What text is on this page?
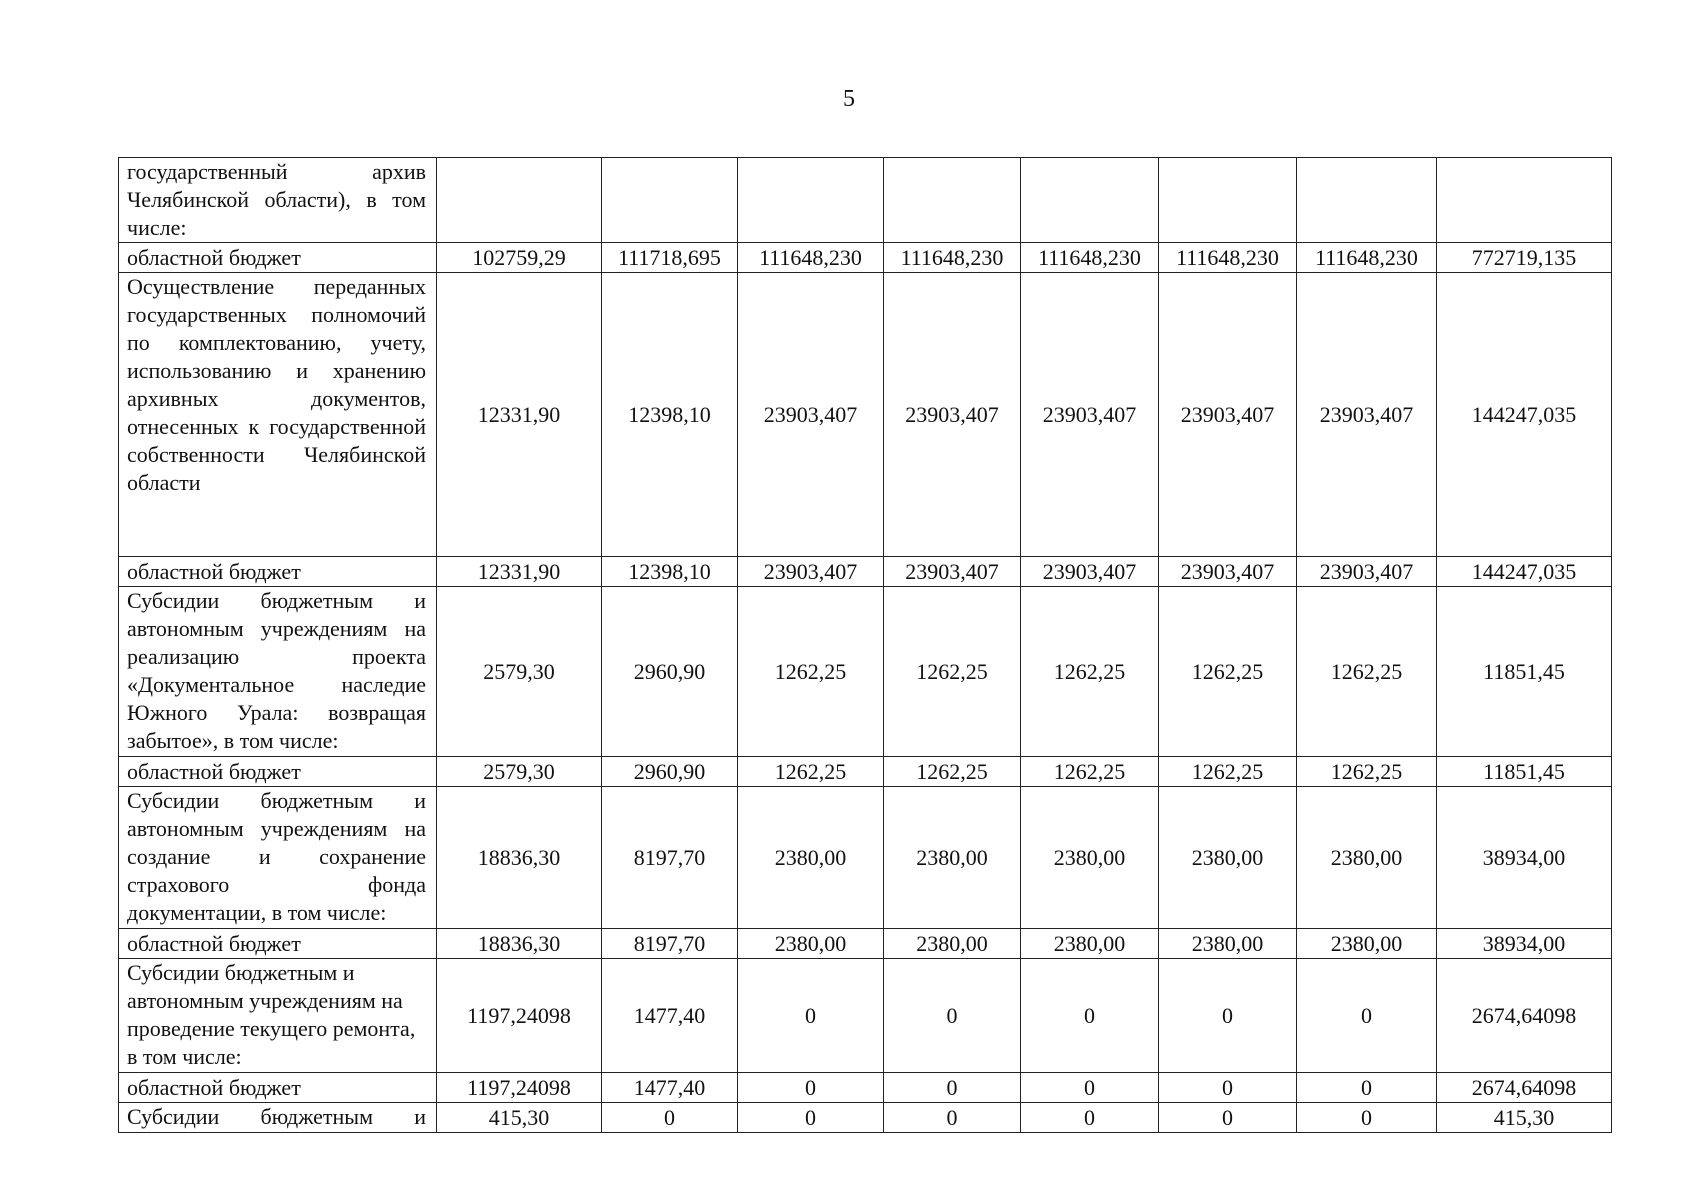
5
государственный архив Челябинской области), в том числе:								
областной бюджет	102759,29	111718,695	111648,230	111648,230	111648,230	111648,230	111648,230	772719,135
Осуществление переданных государственных полномочий по комплектованию, учету, использованию и хранению архивных документов, отнесенных к государственной собственности Челябинской области	12331,90	12398,10	23903,407	23903,407	23903,407	23903,407	23903,407	144247,035
областной бюджет	12331,90	12398,10	23903,407	23903,407	23903,407	23903,407	23903,407	144247,035
Субсидии бюджетным и автономным учреждениям на реализацию проекта «Документальное наследие Южного Урала: возвращая забытое», в том числе:	2579,30	2960,90	1262,25	1262,25	1262,25	1262,25	1262,25	11851,45
областной бюджет	2579,30	2960,90	1262,25	1262,25	1262,25	1262,25	1262,25	11851,45
Субсидии бюджетным и автономным учреждениям на создание и сохранение страхового фонда документации, в том числе:	18836,30	8197,70	2380,00	2380,00	2380,00	2380,00	2380,00	38934,00
областной бюджет	18836,30	8197,70	2380,00	2380,00	2380,00	2380,00	2380,00	38934,00
Субсидии бюджетным и автономным учреждениям на проведение текущего ремонта, в том числе:	1197,24098	1477,40	0	0	0	0	0	2674,64098
областной бюджет	1197,24098	1477,40	0	0	0	0	0	2674,64098
Субсидии бюджетным и	415,30	0	0	0	0	0	0	415,30
